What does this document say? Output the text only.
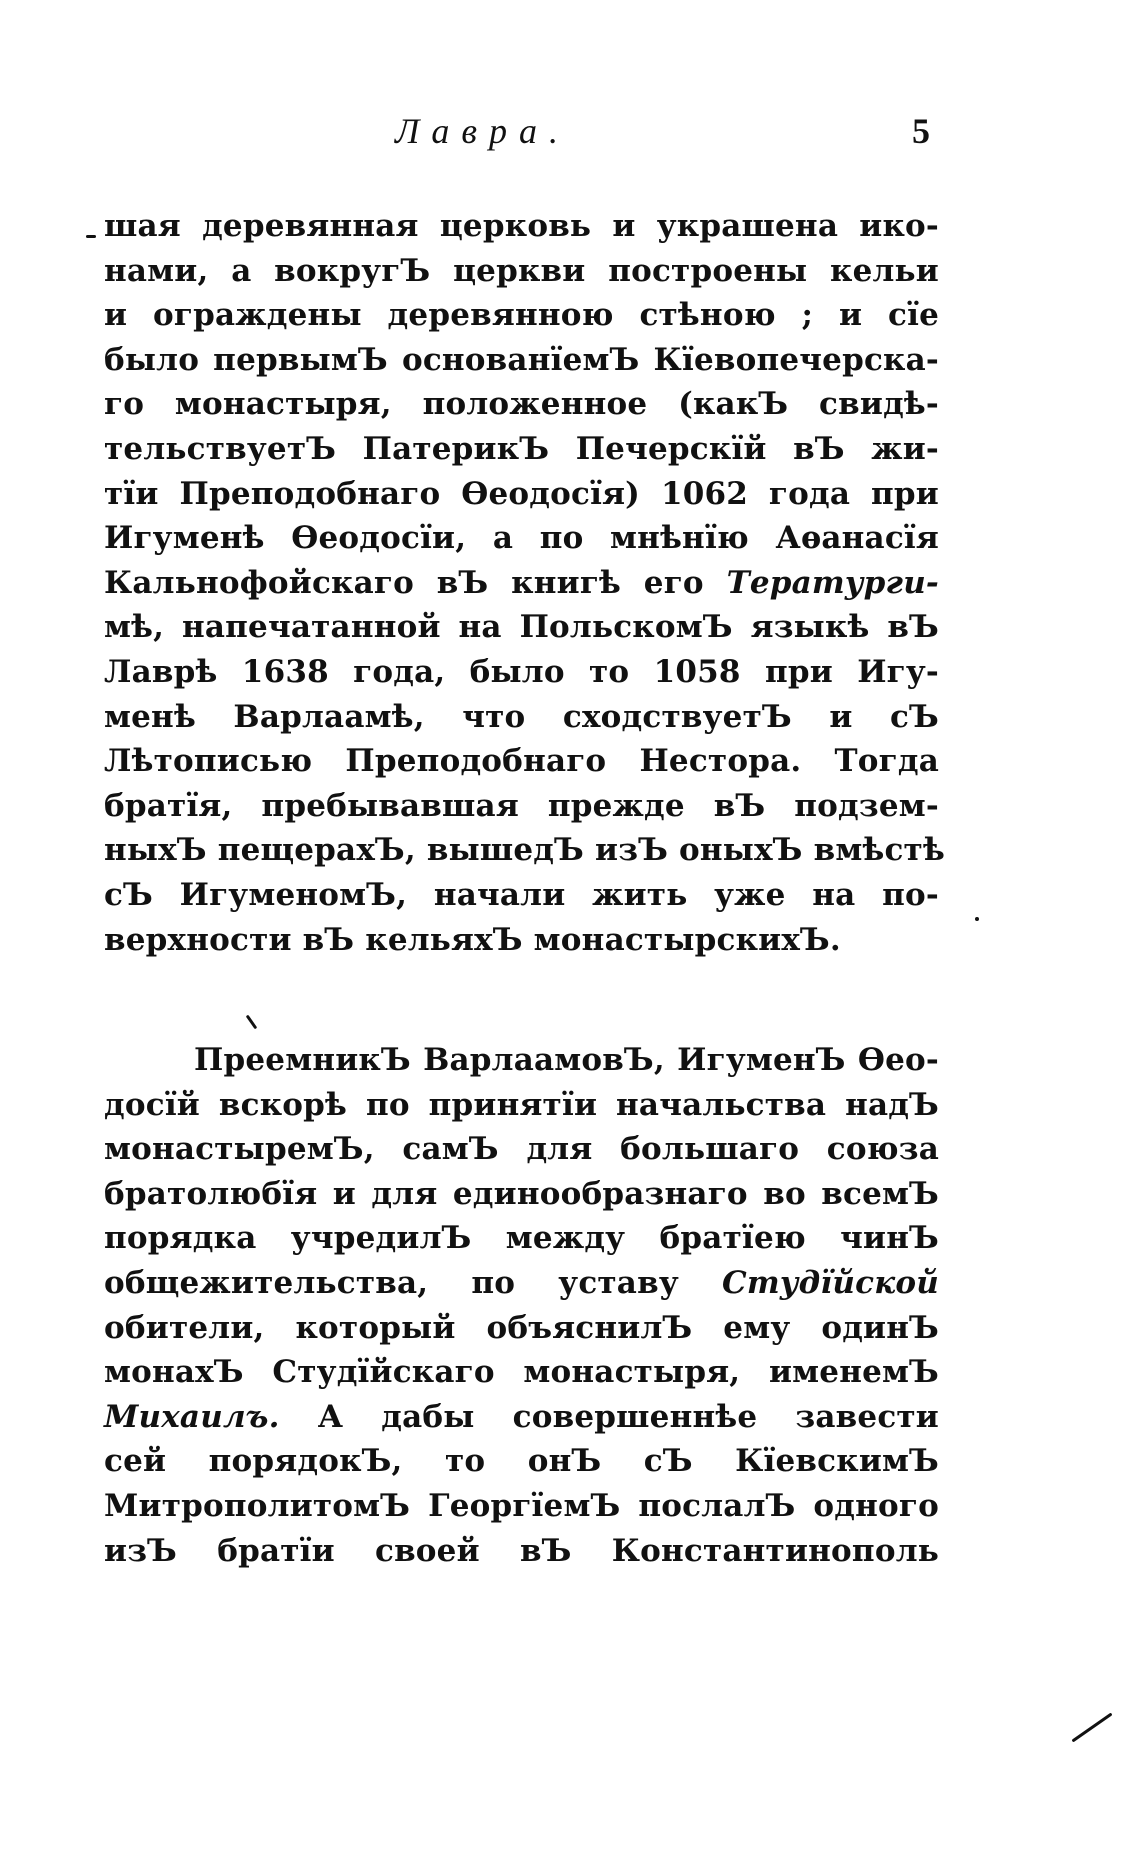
Лавра.	5
шая деревянная церковь и украшена ико-
нами, а вокругЪ церкви построены кельи
и ограждены деревянною стѣною ; и сїе
было первымЪ основанїемЪ Кїевопечерска-
го монастыря, положенное (какЪ свидѣ-
тельствуетЪ ПатерикЪ Печерскїй вЪ жи-
тїи Преподобнаго Ѳеодосїя) 1062 года при
Игуменѣ Ѳеодосїи, а по мнѣнїю Аѳанасїя
Кальнофойскаго вЪ книгѣ его Тературги-
мѣ, напечатанной на ПольскомЪ языкѣ вЪ
Лаврѣ 1638 года, было то 1058 при Игу-
менѣ Варлаамѣ, что сходствуетЪ и сЪ
Лѣтописью Преподобнаго Нестора. Тогда
братїя, пребывавшая прежде вЪ подзем-
ныхЪ пещерахЪ, вышедЪ изЪ оныхЪ вмѣстѣ
сЪ ИгуменомЪ, начали жить уже на по-
верхности вЪ кельяхЪ монастырскихЪ.
ПреемникЪ ВарлаамовЪ, ИгуменЪ Ѳео-
досїй вскорѣ по принятїи начальства надЪ
монастыремЪ, самЪ для большаго союза
братолюбїя и для единообразнаго во всемЪ
порядка учредилЪ между братїею чинЪ
общежительства, по уставу Студїйской
обители, который объяснилЪ ему одинЪ
монахЪ Студїйскаго монастыря, именемЪ
Михаилъ. А дабы совершеннѣе завести
сей порядокЪ, то онЪ сЪ КїевскимЪ
МитрополитомЪ ГеоргїемЪ послалЪ одного
изЪ братїи своей вЪ Константинополь
